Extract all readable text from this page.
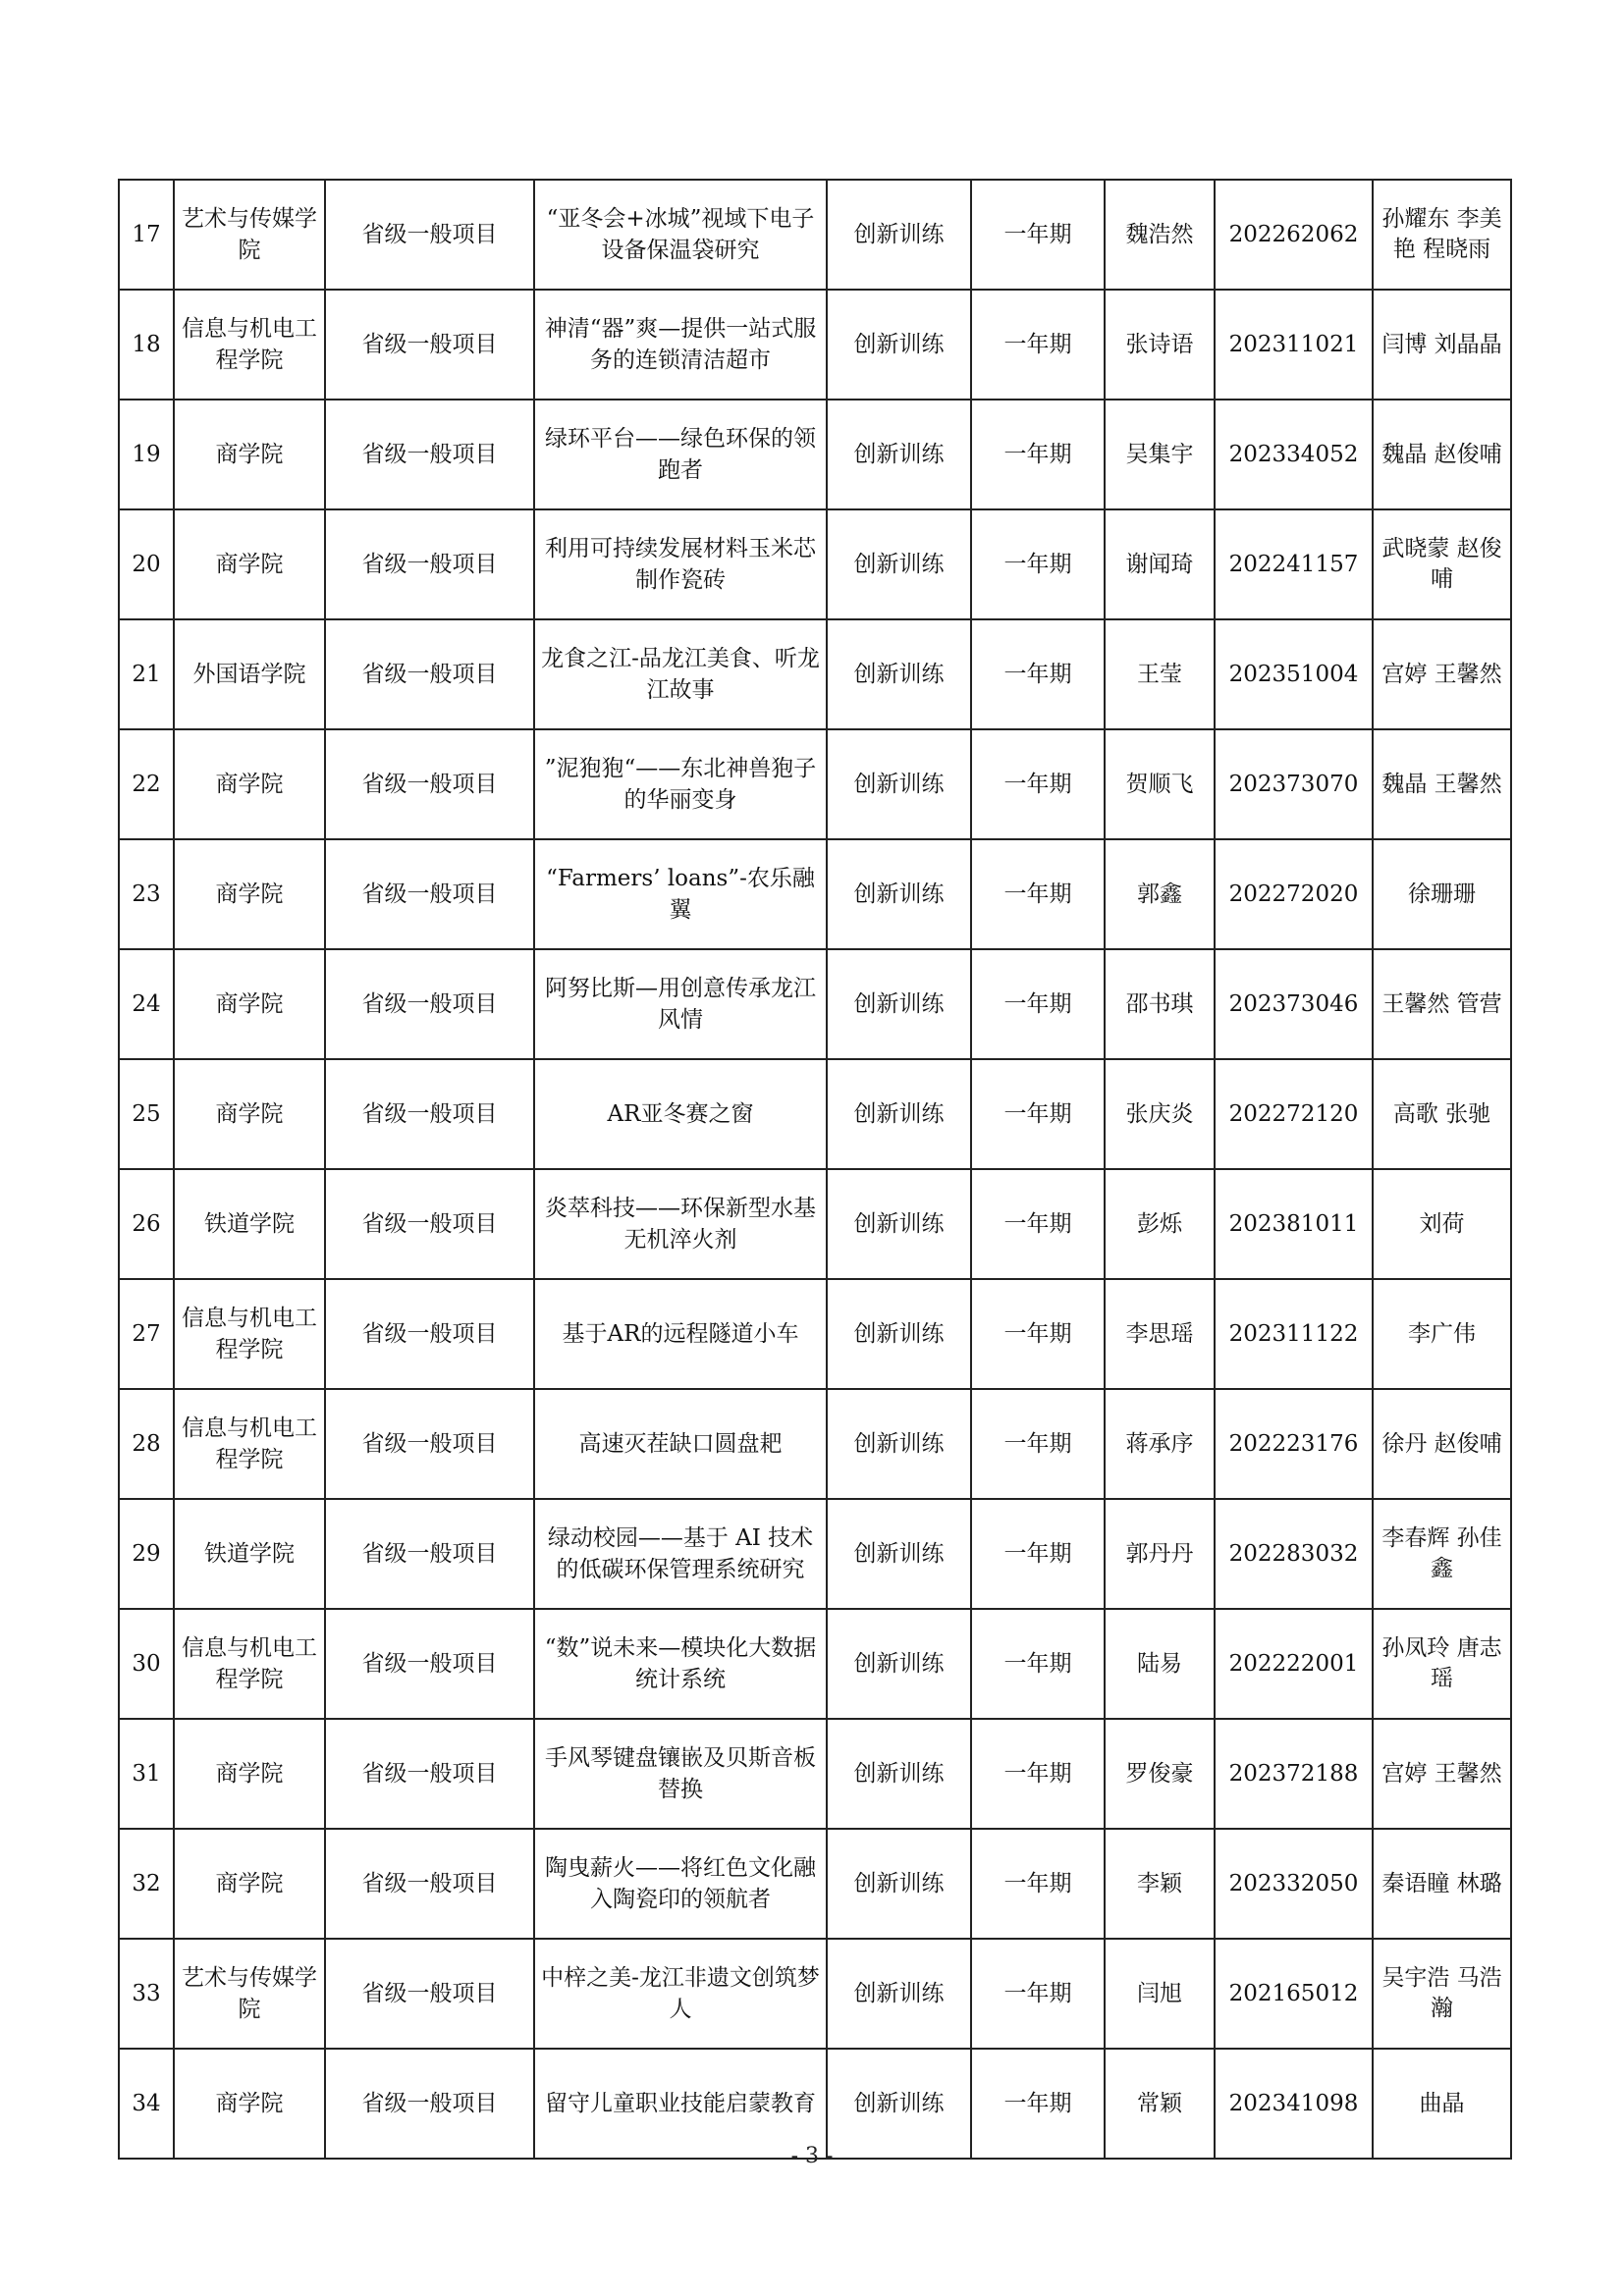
17	艺术与传媒学院	省级一般项目	“亚冬会+冰城”视域下电子设备保温袋研究	创新训练	一年期	魏浩然	202262062	孙耀东 李美艳 程晓雨
18	信息与机电工程学院	省级一般项目	神清“器”爽—提供一站式服务的连锁清洁超市	创新训练	一年期	张诗语	202311021	闫博 刘晶晶
19	商学院	省级一般项目	绿环平台——绿色环保的领跑者	创新训练	一年期	吴集宇	202334052	魏晶 赵俊哺
20	商学院	省级一般项目	利用可持续发展材料玉米芯制作瓷砖	创新训练	一年期	谢闻琦	202241157	武晓蒙 赵俊哺
21	外国语学院	省级一般项目	龙食之江-品龙江美食、听龙江故事	创新训练	一年期	王莹	202351004	宫婷 王馨然
22	商学院	省级一般项目	”泥狍狍“——东北神兽狍子的华丽变身	创新训练	一年期	贺顺飞	202373070	魏晶 王馨然
23	商学院	省级一般项目	“Farmers’ loans”-农乐融翼	创新训练	一年期	郭鑫	202272020	徐珊珊
24	商学院	省级一般项目	阿努比斯—用创意传承龙江风情	创新训练	一年期	邵书琪	202373046	王馨然 管营
25	商学院	省级一般项目	AR亚冬赛之窗	创新训练	一年期	张庆炎	202272120	高歌 张驰
26	铁道学院	省级一般项目	炎萃科技——环保新型水基无机淬火剂	创新训练	一年期	彭烁	202381011	刘荷
27	信息与机电工程学院	省级一般项目	基于AR的远程隧道小车	创新训练	一年期	李思瑶	202311122	李广伟
28	信息与机电工程学院	省级一般项目	高速灭茬缺口圆盘耙	创新训练	一年期	蒋承序	202223176	徐丹 赵俊哺
29	铁道学院	省级一般项目	绿动校园——基于 AI 技术的低碳环保管理系统研究	创新训练	一年期	郭丹丹	202283032	李春辉 孙佳鑫
30	信息与机电工程学院	省级一般项目	“数”说未来—模块化大数据统计系统	创新训练	一年期	陆易	202222001	孙凤玲 唐志瑶
31	商学院	省级一般项目	手风琴键盘镶嵌及贝斯音板替换	创新训练	一年期	罗俊豪	202372188	宫婷 王馨然
32	商学院	省级一般项目	陶曳薪火——将红色文化融入陶瓷印的领航者	创新训练	一年期	李颖	202332050	秦语瞳 林璐
33	艺术与传媒学院	省级一般项目	中梓之美-龙江非遗文创筑梦人	创新训练	一年期	闫旭	202165012	吴宇浩 马浩瀚
34	商学院	省级一般项目	留守儿童职业技能启蒙教育	创新训练	一年期	常颖	202341098	曲晶
- 3 -
